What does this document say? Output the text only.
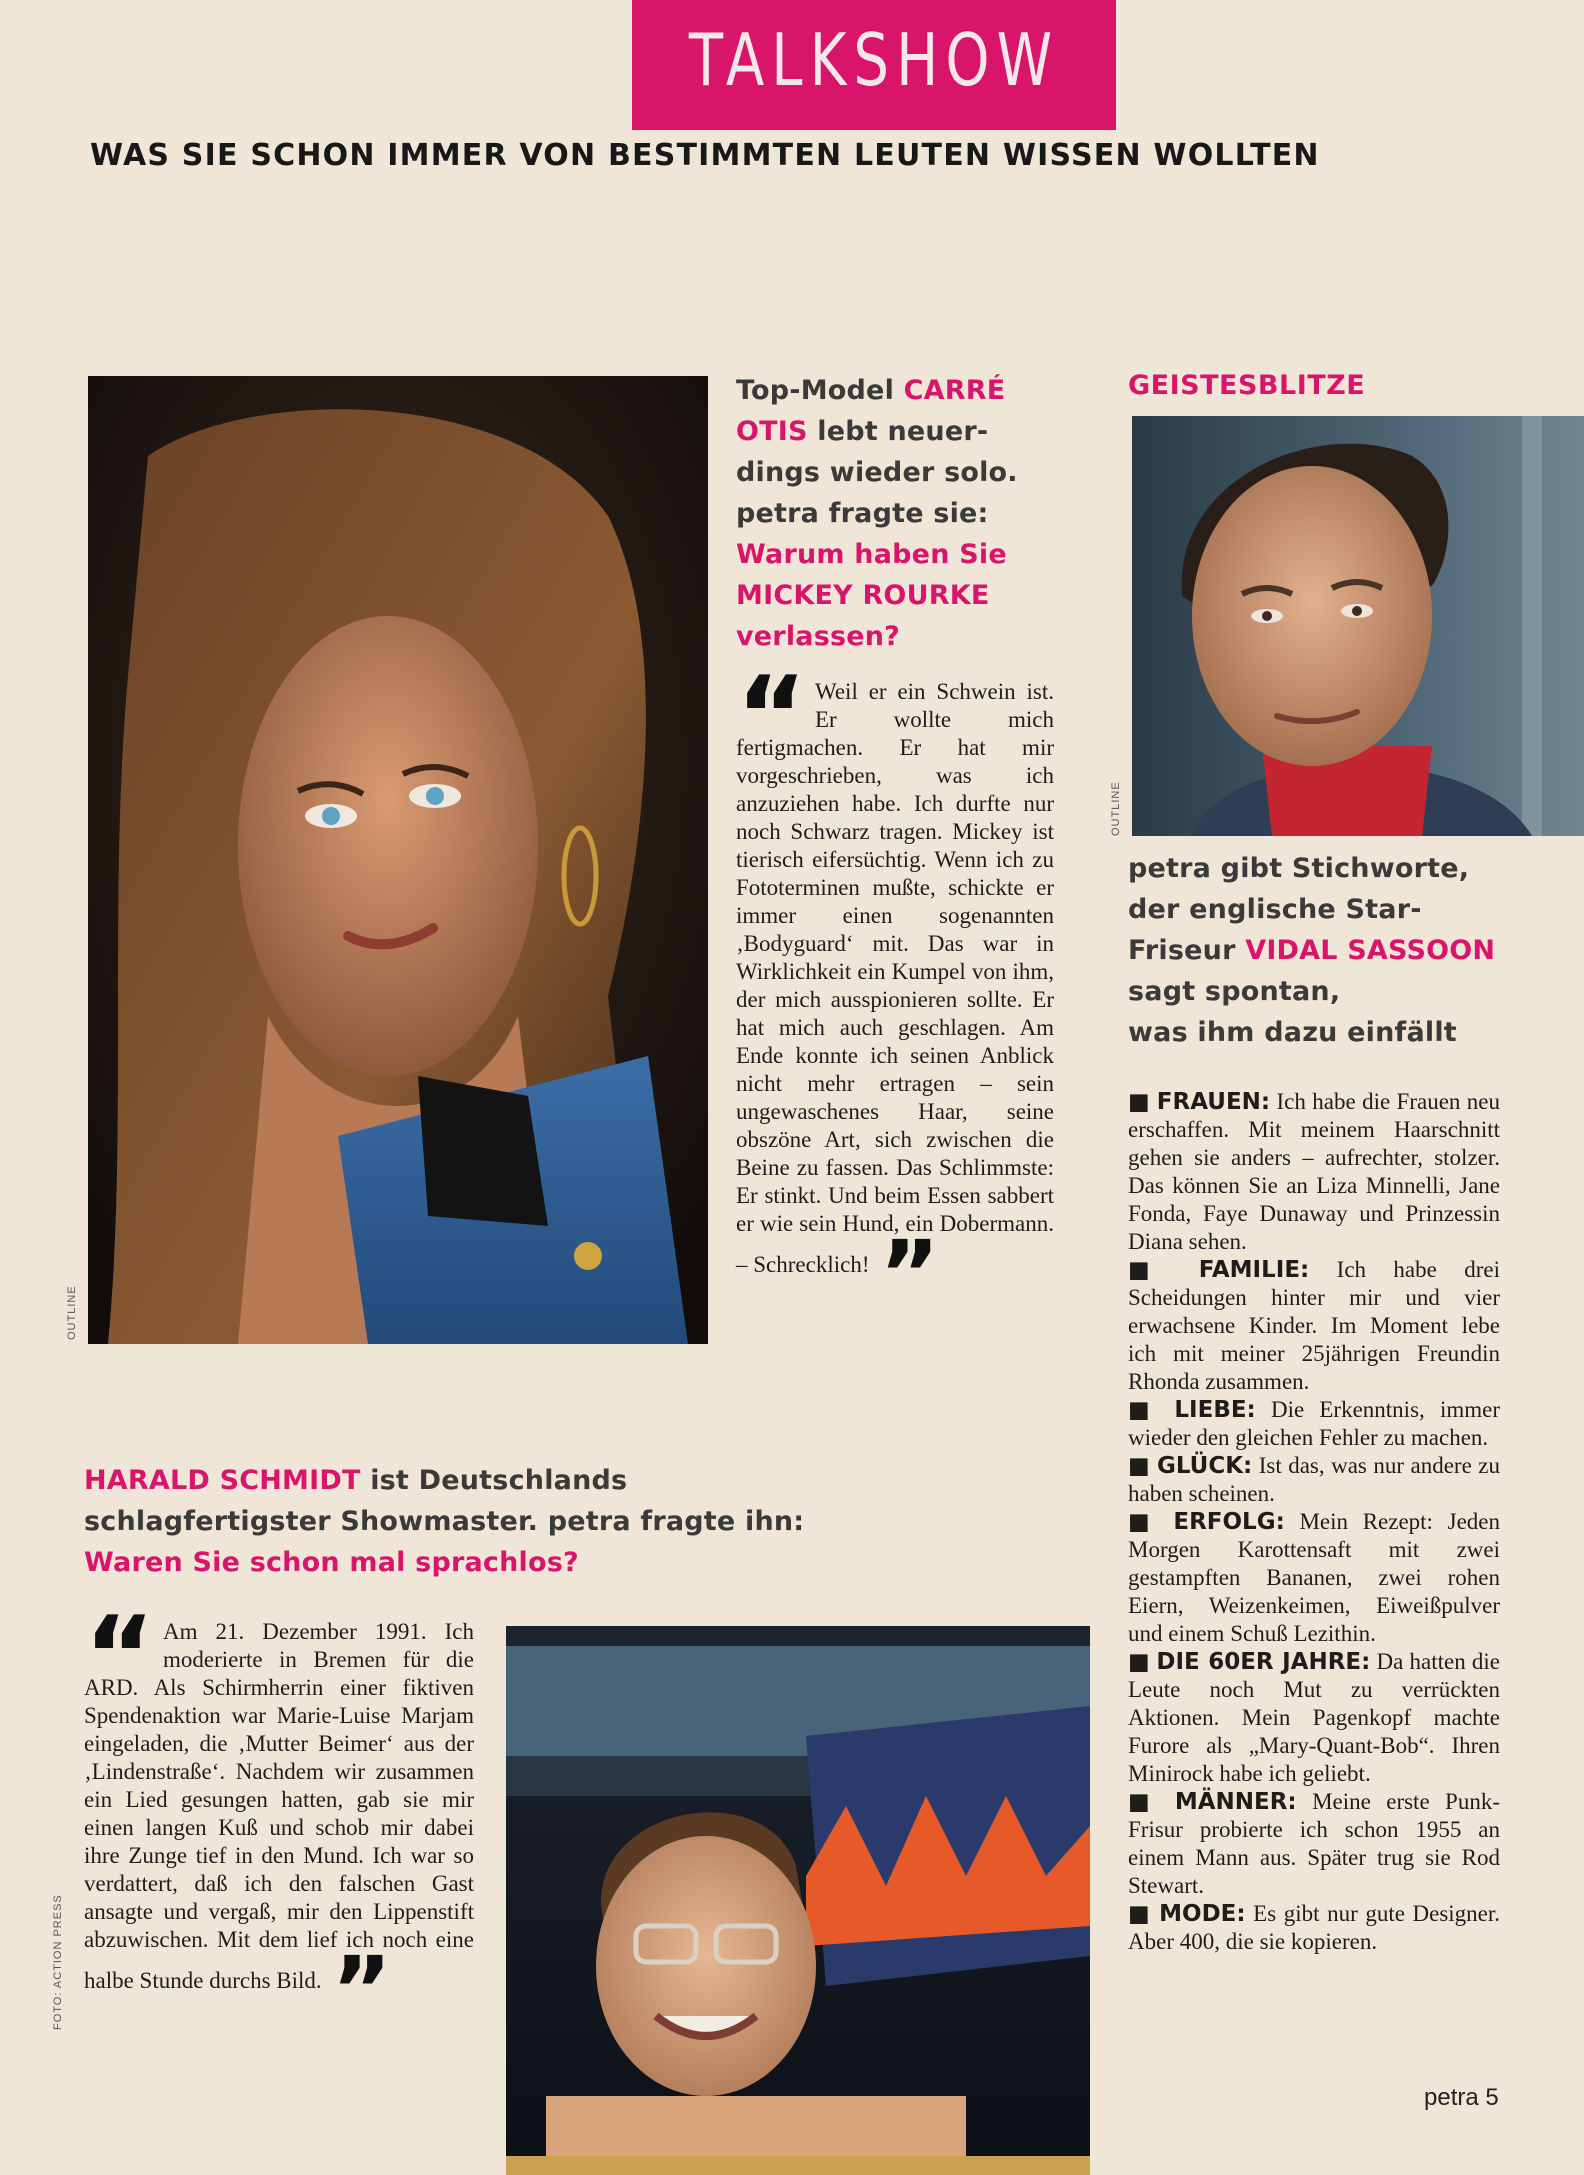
TALKSHOW
WAS SIE SCHON IMMER VON BESTIMMTEN LEUTEN WISSEN WOLLTEN
OUTLINE
Top-Model CARRÉ
OTIS lebt neuer-
dings wieder solo.
petra fragte sie:
Warum haben Sie
MICKEY ROURKE
verlassen?
“ Weil er ein Schwein ist. Er wollte mich fertigmachen. Er hat mir vorgeschrieben, was ich anzuziehen habe. Ich durfte nur noch Schwarz tragen. Mickey ist tierisch eifersüchtig. Wenn ich zu Fototerminen mußte, schickte er immer einen sogenannten ‚Bodyguard‘ mit. Das war in Wirklichkeit ein Kumpel von ihm, der mich ausspionieren sollte. Er hat mich auch geschlagen. Am Ende konnte ich seinen Anblick nicht mehr ertragen – sein ungewaschenes Haar, seine obszöne Art, sich zwischen die Beine zu fassen. Das Schlimmste: Er stinkt. Und beim Essen sabbert er wie sein Hund, ein Dobermann. – Schrecklich! ”
GEISTESBLITZE
OUTLINE
petra gibt Stichworte,
der englische Star-
Friseur VIDAL SASSOON
sagt spontan,
was ihm dazu einfällt
■ FRAUEN: Ich habe die Frauen neu erschaffen. Mit meinem Haarschnitt gehen sie anders – aufrechter, stolzer. Das können Sie an Liza Minnelli, Jane Fonda, Faye Dunaway und Prinzessin Diana sehen.
■ FAMILIE: Ich habe drei Scheidungen hinter mir und vier erwachsene Kinder. Im Moment lebe ich mit meiner 25jährigen Freundin Rhonda zusammen.
■ LIEBE: Die Erkenntnis, immer wieder den gleichen Fehler zu machen.
■ GLÜCK: Ist das, was nur andere zu haben scheinen.
■ ERFOLG: Mein Rezept: Jeden Morgen Karottensaft mit zwei gestampften Bananen, zwei rohen Eiern, Weizenkeimen, Eiweißpulver und einem Schuß Lezithin.
■ DIE 60ER JAHRE: Da hatten die Leute noch Mut zu verrückten Aktionen. Mein Pagenkopf machte Furore als „Mary-Quant-Bob“. Ihren Minirock habe ich geliebt.
■ MÄNNER: Meine erste Punk-Frisur probierte ich schon 1955 an einem Mann aus. Später trug sie Rod Stewart.
■ MODE: Es gibt nur gute Designer. Aber 400, die sie kopieren.
HARALD SCHMIDT ist Deutschlands
schlagfertigster Showmaster. petra fragte ihn:
Waren Sie schon mal sprachlos?
“ Am 21. Dezember 1991. Ich moderierte in Bremen für die ARD. Als Schirmherrin einer fiktiven Spendenaktion war Marie-Luise Marjam eingeladen, die ‚Mutter Beimer‘ aus der ‚Lindenstraße‘. Nachdem wir zusammen ein Lied gesungen hatten, gab sie mir einen langen Kuß und schob mir dabei ihre Zunge tief in den Mund. Ich war so verdattert, daß ich den falschen Gast ansagte und vergaß, mir den Lippenstift abzuwischen. Mit dem lief ich noch eine halbe Stunde durchs Bild. ”
FOTO: ACTION PRESS
petra 5
